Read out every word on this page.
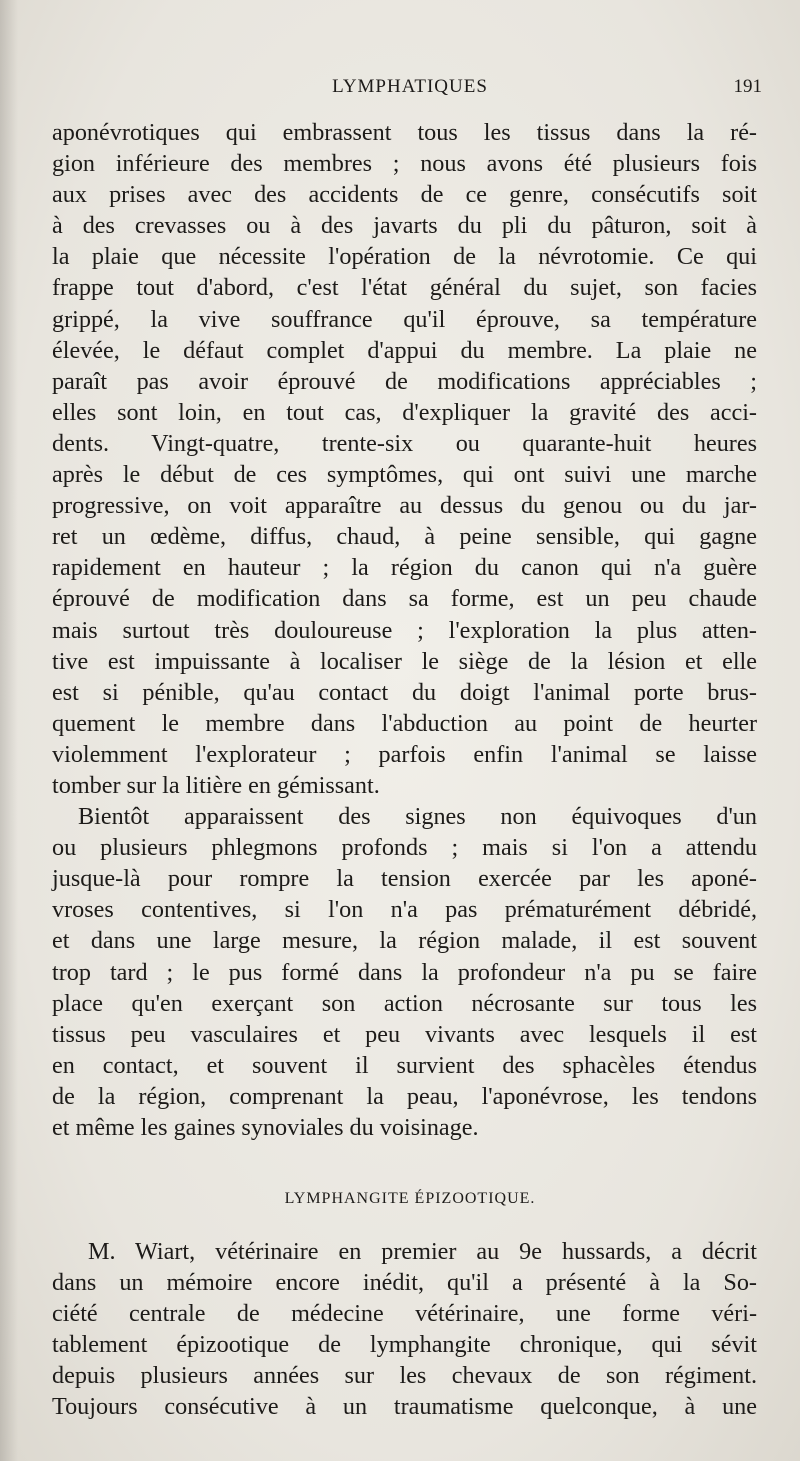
LYMPHATIQUES	191

aponévrotiques qui embrassent tous les tissus dans la ré-

gion inférieure des membres ; nous avons été plusieurs fois

aux prises avec des accidents de ce genre, consécutifs soit

à des crevasses ou à des javarts du pli du pâturon, soit à

la plaie que nécessite l'opération de la névrotomie. Ce qui

frappe tout d'abord, c'est l'état général du sujet, son facies

grippé, la vive souffrance qu'il éprouve, sa température

élevée, le défaut complet d'appui du membre. La plaie ne

paraît pas avoir éprouvé de modifications appréciables ;

elles sont loin, en tout cas, d'expliquer la gravité des acci-

dents. Vingt-quatre, trente-six ou quarante-huit heures

après le début de ces symptômes, qui ont suivi une marche

progressive, on voit apparaître au dessus du genou ou du jar-

ret un œdème, diffus, chaud, à peine sensible, qui gagne

rapidement en hauteur ; la région du canon qui n'a guère

éprouvé de modification dans sa forme, est un peu chaude

mais surtout très douloureuse ; l'exploration la plus atten-

tive est impuissante à localiser le siège de la lésion et elle

est si pénible, qu'au contact du doigt l'animal porte brus-

quement le membre dans l'abduction au point de heurter

violemment l'explorateur ; parfois enfin l'animal se laisse

tomber sur la litière en gémissant.

Bientôt apparaissent des signes non équivoques d'un

ou plusieurs phlegmons profonds ; mais si l'on a attendu

jusque-là pour rompre la tension exercée par les aponé-

vroses contentives, si l'on n'a pas prématurément débridé,

et dans une large mesure, la région malade, il est souvent

trop tard ; le pus formé dans la profondeur n'a pu se faire

place qu'en exerçant son action nécrosante sur tous les

tissus peu vasculaires et peu vivants avec lesquels il est

en contact, et souvent il survient des sphacèles étendus

de la région, comprenant la peau, l'aponévrose, les tendons

et même les gaines synoviales du voisinage.

LYMPHANGITE ÉPIZOOTIQUE.

M. Wiart, vétérinaire en premier au 9e hussards, a décrit

dans un mémoire encore inédit, qu'il a présenté à la So-

ciété centrale de médecine vétérinaire, une forme véri-

tablement épizootique de lymphangite chronique, qui sévit

depuis plusieurs années sur les chevaux de son régiment.

Toujours consécutive à un traumatisme quelconque, à une
